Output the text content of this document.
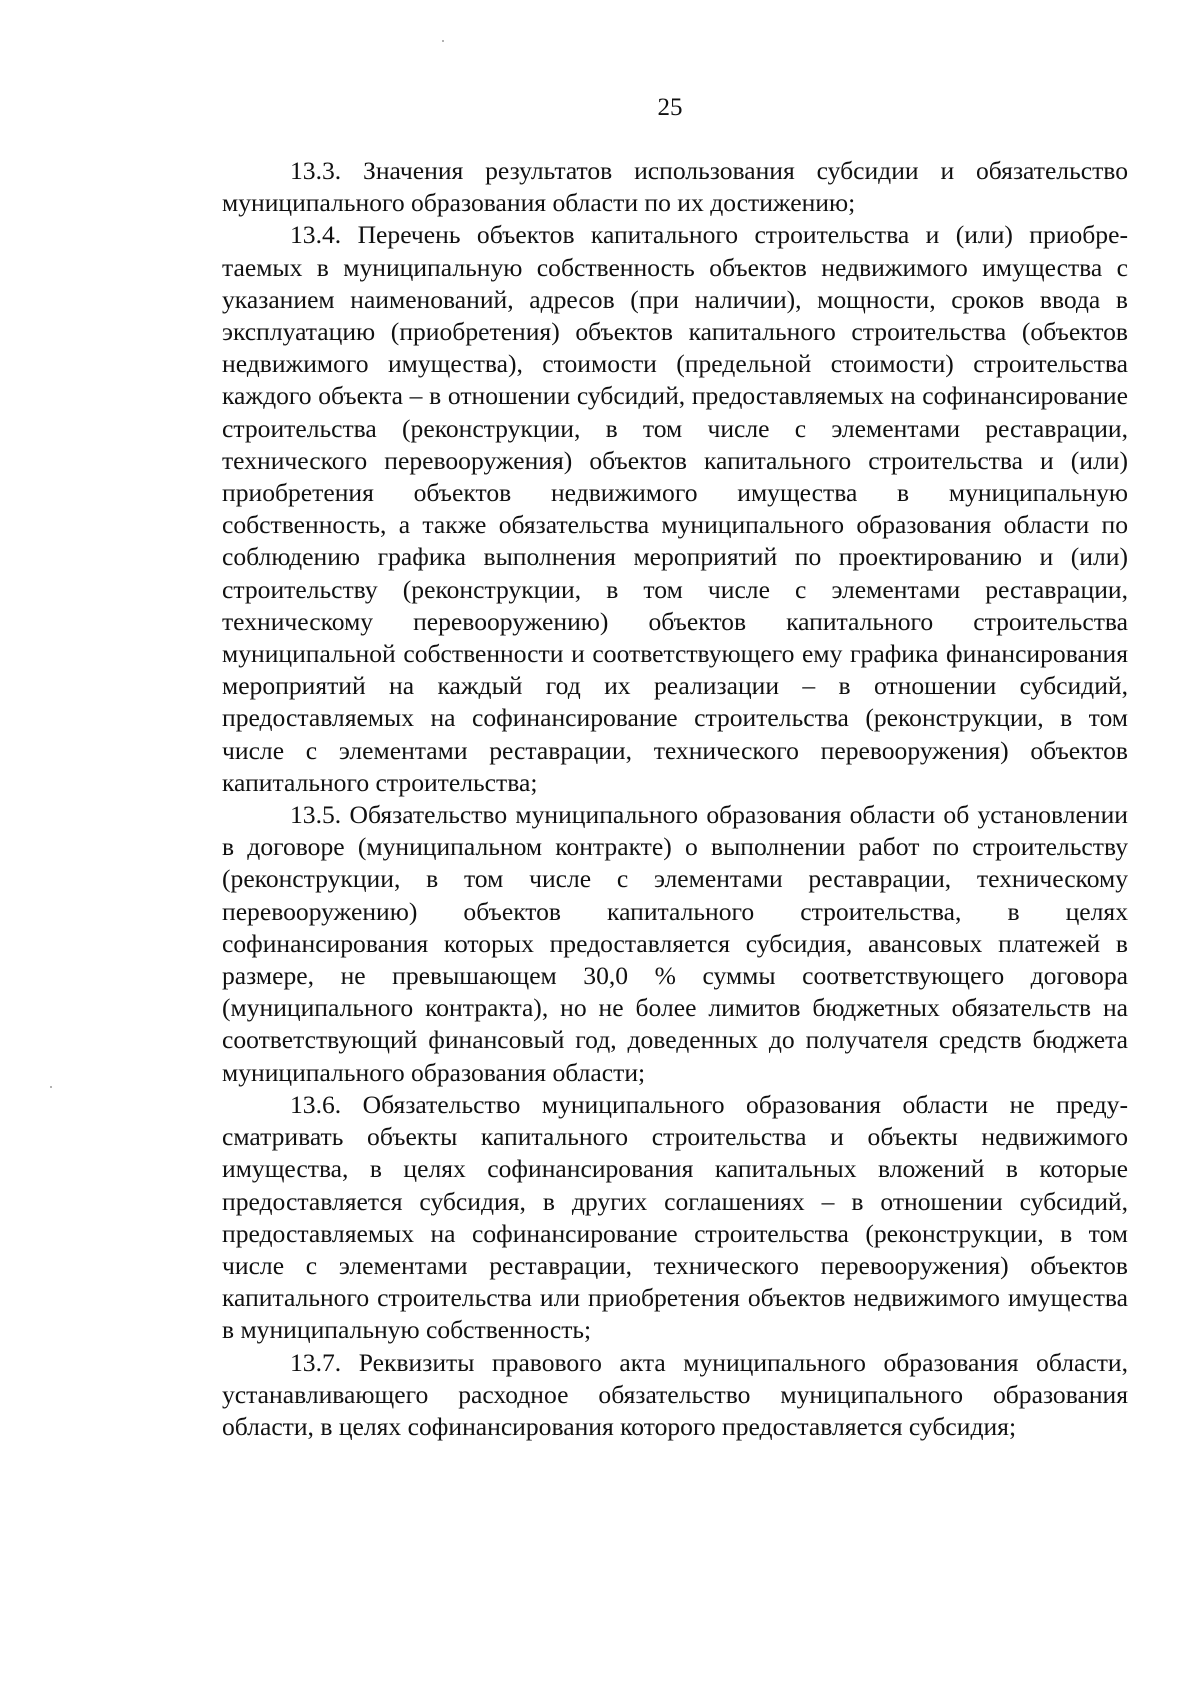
25

13.3. Значения результатов использования субсидии и обязательство муниципального образования области по их достижению;

13.4. Перечень объектов капитального строительства и (или) приобретаемых в муниципальную собственность объектов недвижимого имущества с указанием наименований, адресов (при наличии), мощности, сроков ввода в эксплуатацию (приобретения) объектов капитального строительства (объектов недвижимого имущества), стоимости (предельной стоимости) строительства каждого объекта – в отношении субсидий, предоставляемых на софинансирование строительства (реконструкции, в том числе с элементами реставрации, технического перевооружения) объектов капитального строительства и (или) приобретения объектов недвижимого имущества в муниципальную собственность, а также обязательства муниципального образования области по соблюдению графика выполнения мероприятий по проектированию и (или) строительству (реконструкции, в том числе с элементами реставрации, техническому перевооружению) объектов капитального строительства муниципальной собственности и соответствующего ему графика финансирования мероприятий на каждый год их реализации – в отношении субсидий, предоставляемых на софинансирование строительства (реконструкции, в том числе с элементами реставрации, технического перевооружения) объектов капитального строительства;

13.5. Обязательство муниципального образования области об установлении в договоре (муниципальном контракте) о выполнении работ по строительству (реконструкции, в том числе с элементами реставрации, техническому перевооружению) объектов капитального строительства, в целях софинансирования которых предоставляется субсидия, авансовых платежей в размере, не превышающем 30,0 % суммы соответствующего договора (муниципального контракта), но не более лимитов бюджетных обязательств на соответствующий финансовый год, доведенных до получателя средств бюджета муниципального образования области;

13.6. Обязательство муниципального образования области не предусматривать объекты капитального строительства и объекты недвижимого имущества, в целях софинансирования капитальных вложений в которые предоставляется субсидия, в других соглашениях – в отношении субсидий, предоставляемых на софинансирование строительства (реконструкции, в том числе с элементами реставрации, технического перевооружения) объектов капитального строительства или приобретения объектов недвижимого имущества в муниципальную собственность;

13.7. Реквизиты правового акта муниципального образования области, устанавливающего расходное обязательство муниципального образования области, в целях софинансирования которого предоставляется субсидия;
